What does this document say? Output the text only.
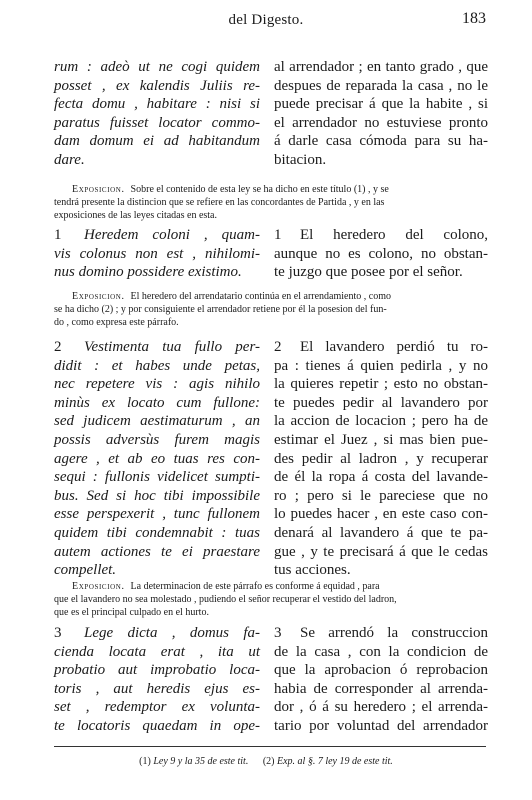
del Digesto.	183
rum : adeò ut ne cogi quidem
posset , ex kalendis Juliis re-
fecta domu , habitare : nisi si
paratus fuisset locator commo-
dam domum ei ad habitandum
dare.
al arrendador ; en tanto grado , que
despues de reparada la casa , no le
puede precisar á que la habite , si
el arrendador no estuviese pronto
á darle casa cómoda para su ha-
bitacion.
Exposicion. Sobre el contenido de esta ley se ha dicho en este título (1) , y se
tendrá presente la distincion que se refiere en las concordantes de Partida , y en las
exposiciones de las leyes citadas en esta.
1 Heredem coloni , quam-
vis colonus non est , nihilomi-
nus domino possidere existimo.
1 El heredero del colono,
aunque no es colono, no obstan-
te juzgo que posee por el señor.
Exposicion. El heredero del arrendatario continúa en el arrendamiento , como
se ha dicho (2) ; y por consiguiente el arrendador retiene por él la posesion del fun-
do , como expresa este párrafo.
2 Vestimenta tua fullo per-
didit : et habes unde petas,
nec repetere vis : agis nihilo
minùs ex locato cum fullone:
sed judicem aestimaturum , an
possis adversùs furem magis
agere , et ab eo tuas res con-
sequi : fullonis videlicet sumpti-
bus. Sed si hoc tibi impossibile
esse perspexerit , tunc fullonem
quidem tibi condemnabit : tuas
autem actiones te ei praestare
compellet.
2 El lavandero perdió tu ro-
pa : tienes á quien pedirla , y no
la quieres repetir ; esto no obstan-
te puedes pedir al lavandero por
la accion de locacion ; pero ha de
estimar el Juez , si mas bien pue-
des pedir al ladron , y recuperar
de él la ropa á costa del lavande-
ro ; pero si le pareciese que no
lo puedes hacer , en este caso con-
denará al lavandero á que te pa-
gue , y te precisará á que le cedas
tus acciones.
Exposicion. La determinacion de este párrafo es conforme á equidad , para
que el lavandero no sea molestado , pudiendo el señor recuperar el vestido del ladron,
que es el principal culpado en el hurto.
3 Lege dicta , domus fa-
cienda locata erat , ita ut
probatio aut improbatio loca-
toris , aut heredis ejus es-
set , redemptor ex volunta-
te locatoris quaedam in ope-
3 Se arrendó la construccion
de la casa , con la condicion de
que la aprobacion ó reprobacion
habia de corresponder al arrenda-
dor , ó á su heredero ; el arrenda-
tario por voluntad del arrendador
(1) Ley 9 y la 35 de este tit. (2) Exp. al §. 7 ley 19 de este tit.
